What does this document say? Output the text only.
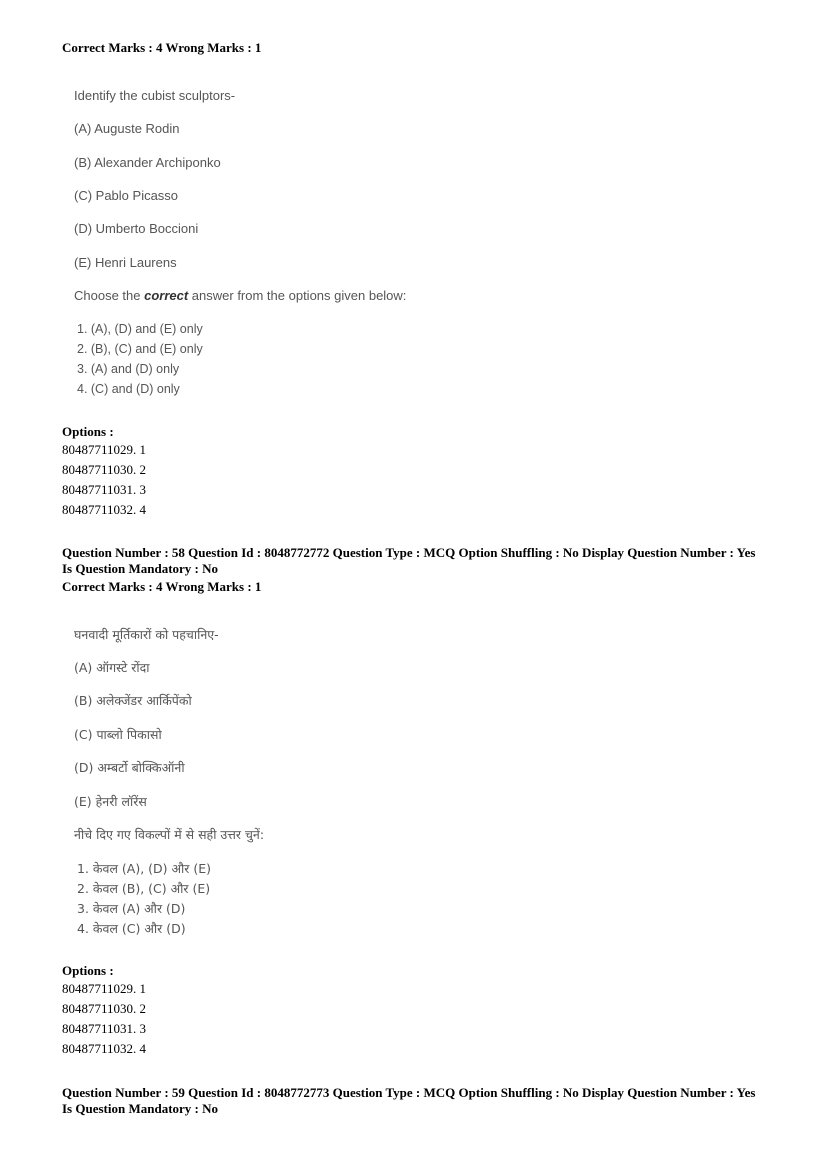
Correct Marks : 4 Wrong Marks : 1
Identify the cubist sculptors-
(A) Auguste Rodin
(B) Alexander Archiponko
(C) Pablo Picasso
(D) Umberto Boccioni
(E) Henri Laurens
Choose the correct answer from the options given below:
1. (A), (D) and (E) only
2. (B), (C) and (E) only
3. (A) and (D) only
4. (C) and (D) only
Options :
80487711029. 1
80487711030. 2
80487711031. 3
80487711032. 4
Question Number : 58 Question Id : 8048772772 Question Type : MCQ Option Shuffling : No Display Question Number : Yes
Is Question Mandatory : No
Correct Marks : 4 Wrong Marks : 1
घनवादी मूर्तिकारों को पहचानिए-
(A) ऑगस्टे रोंदा
(B) अलेक्जेंडर आर्किपेंको
(C) पाब्लो पिकासो
(D) अम्बर्टो बोक्किऑनी
(E) हेनरी लॉरेंस
नीचे दिए गए विकल्पों में से सही उत्तर चुनें:
1. केवल (A), (D) और (E)
2. केवल (B), (C) और (E)
3. केवल (A) और (D)
4. केवल (C) और (D)
Options :
80487711029. 1
80487711030. 2
80487711031. 3
80487711032. 4
Question Number : 59 Question Id : 8048772773 Question Type : MCQ Option Shuffling : No Display Question Number : Yes
Is Question Mandatory : No
